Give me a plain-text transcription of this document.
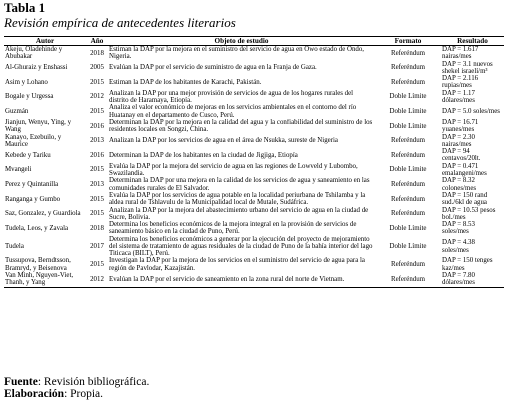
Tabla 1
Revisión empírica de antecedentes literarios
Autor	Año	Objeto de estudio	Formato	Resultado
Akeju, Oladehinde y Abubakar	2018	Estiman la DAP por la mejora en el suministro del servicio de agua en Owo estado de Ondo, Nigeria.	Referéndum	DAP = 1.617 nairas/mes
Al-Ghuraiz y Enshassi	2005	Evalúan la DAP por el servicio de suministro de agua en la Franja de Gaza.	Referéndum	DAP = 3.1 nuevos shekel israelí/m³
Asim y Lohano	2015	Estiman la DAP de los habitantes de Karachi, Pakistán.	Referéndum	DAP = 2.116 rupias/mes
Bogale y Urgessa	2012	Analizan la DAP por una mejor provisión de servicios de agua de los hogares rurales del distrito de Haramaya, Etiopía.	Doble Límite	DAP = 1.17 dólares/mes
Guzmán	2015	Analiza el valor económico de mejoras en los servicios ambientales en el contorno del río Huatanay en el departamento de Cusco, Perú.	Doble Límite	DAP = 5.0 soles/mes
Jianjun, Wenyu, Ying, y Wang	2016	Determinan la DAP por la mejora en la calidad del agua y la confiabilidad del suministro de los residentes locales en Songzi, China.	Doble Límite	DAP = 16.71 yuanes/mes
Kanayo, Ezebuilo, y Maurice	2013	Analizan la DAP por los servicios de agua en el área de Nsukka, sureste de Nigeria	Referéndum	DAP = 2.30 nairas/mes
Kebede y Tariku	2016	Determinan la DAP de los habitantes en la ciudad de Jigjiga, Etiopía	Referéndum	DAP = 94 centavos/20lt.
Mvangeli	2015	Evalúa la DAP por la mejora del servicio de agua en las regiones de Lowveld y Lubombo, Swazilandia.	Doble Límite	DAP = 0.471 emalangeni/mes
Perez y Quintanilla	2013	Determinan la DAP por una mejora en la calidad de los servicios de agua y saneamiento en las comunidades rurales de El Salvador.	Referéndum	DAP = 8.32 colones/mes
Ranganga y Gumbo	2015	Evalúa la DAP por los servicios de agua potable en la localidad periurbana de Tshilamba y la aldea rural de Tshlavulu de la Municipalidad local de Mutale, Sudáfrica.	Referéndum	DAP = 150 rand sud./6kl de agua
Saz, Gonzalez, y Guardiola	2015	Analizan la DAP por la mejora del abastecimiento urbano del servicio de agua en la ciudad de Sucre, Bolivia.	Referéndum	DAP = 10.53 pesos bol./mes
Tudela, Leos, y Zavala	2018	Determina los beneficios económicos de la mejora integral en la provisión de servicios de saneamiento básico en la ciudad de Puno, Perú.	Doble Límite	DAP = 8.53 soles/mes
Tudela	2017	Determina los beneficios económicos a generar por la ejecución del proyecto de mejoramiento del sistema de tratamiento de aguas residuales de la ciudad de Puno de la bahía interior del lago Titicaca (BILT), Perú.	Doble Límite	DAP = 4.38 soles/mes
Tussupova, Berndtsson, Bramryd, y Beisenova	2015	Investigan la DAP por la mejora de los servicios en el suministro del servicio de agua para la región de Pavlodar, Kazajistán.	Referéndum	DAP = 150 tenges kaz/mes
Van Minh, Nguyen-Viet, Thanh, y Yang	2012	Evalúan la DAP por el servicio de saneamiento en la zona rural del norte de Vietnam.	Referéndum	DAP = 7.80 dólares/mes
Fuente: Revisión bibliográfica.
Elaboración: Propia.
